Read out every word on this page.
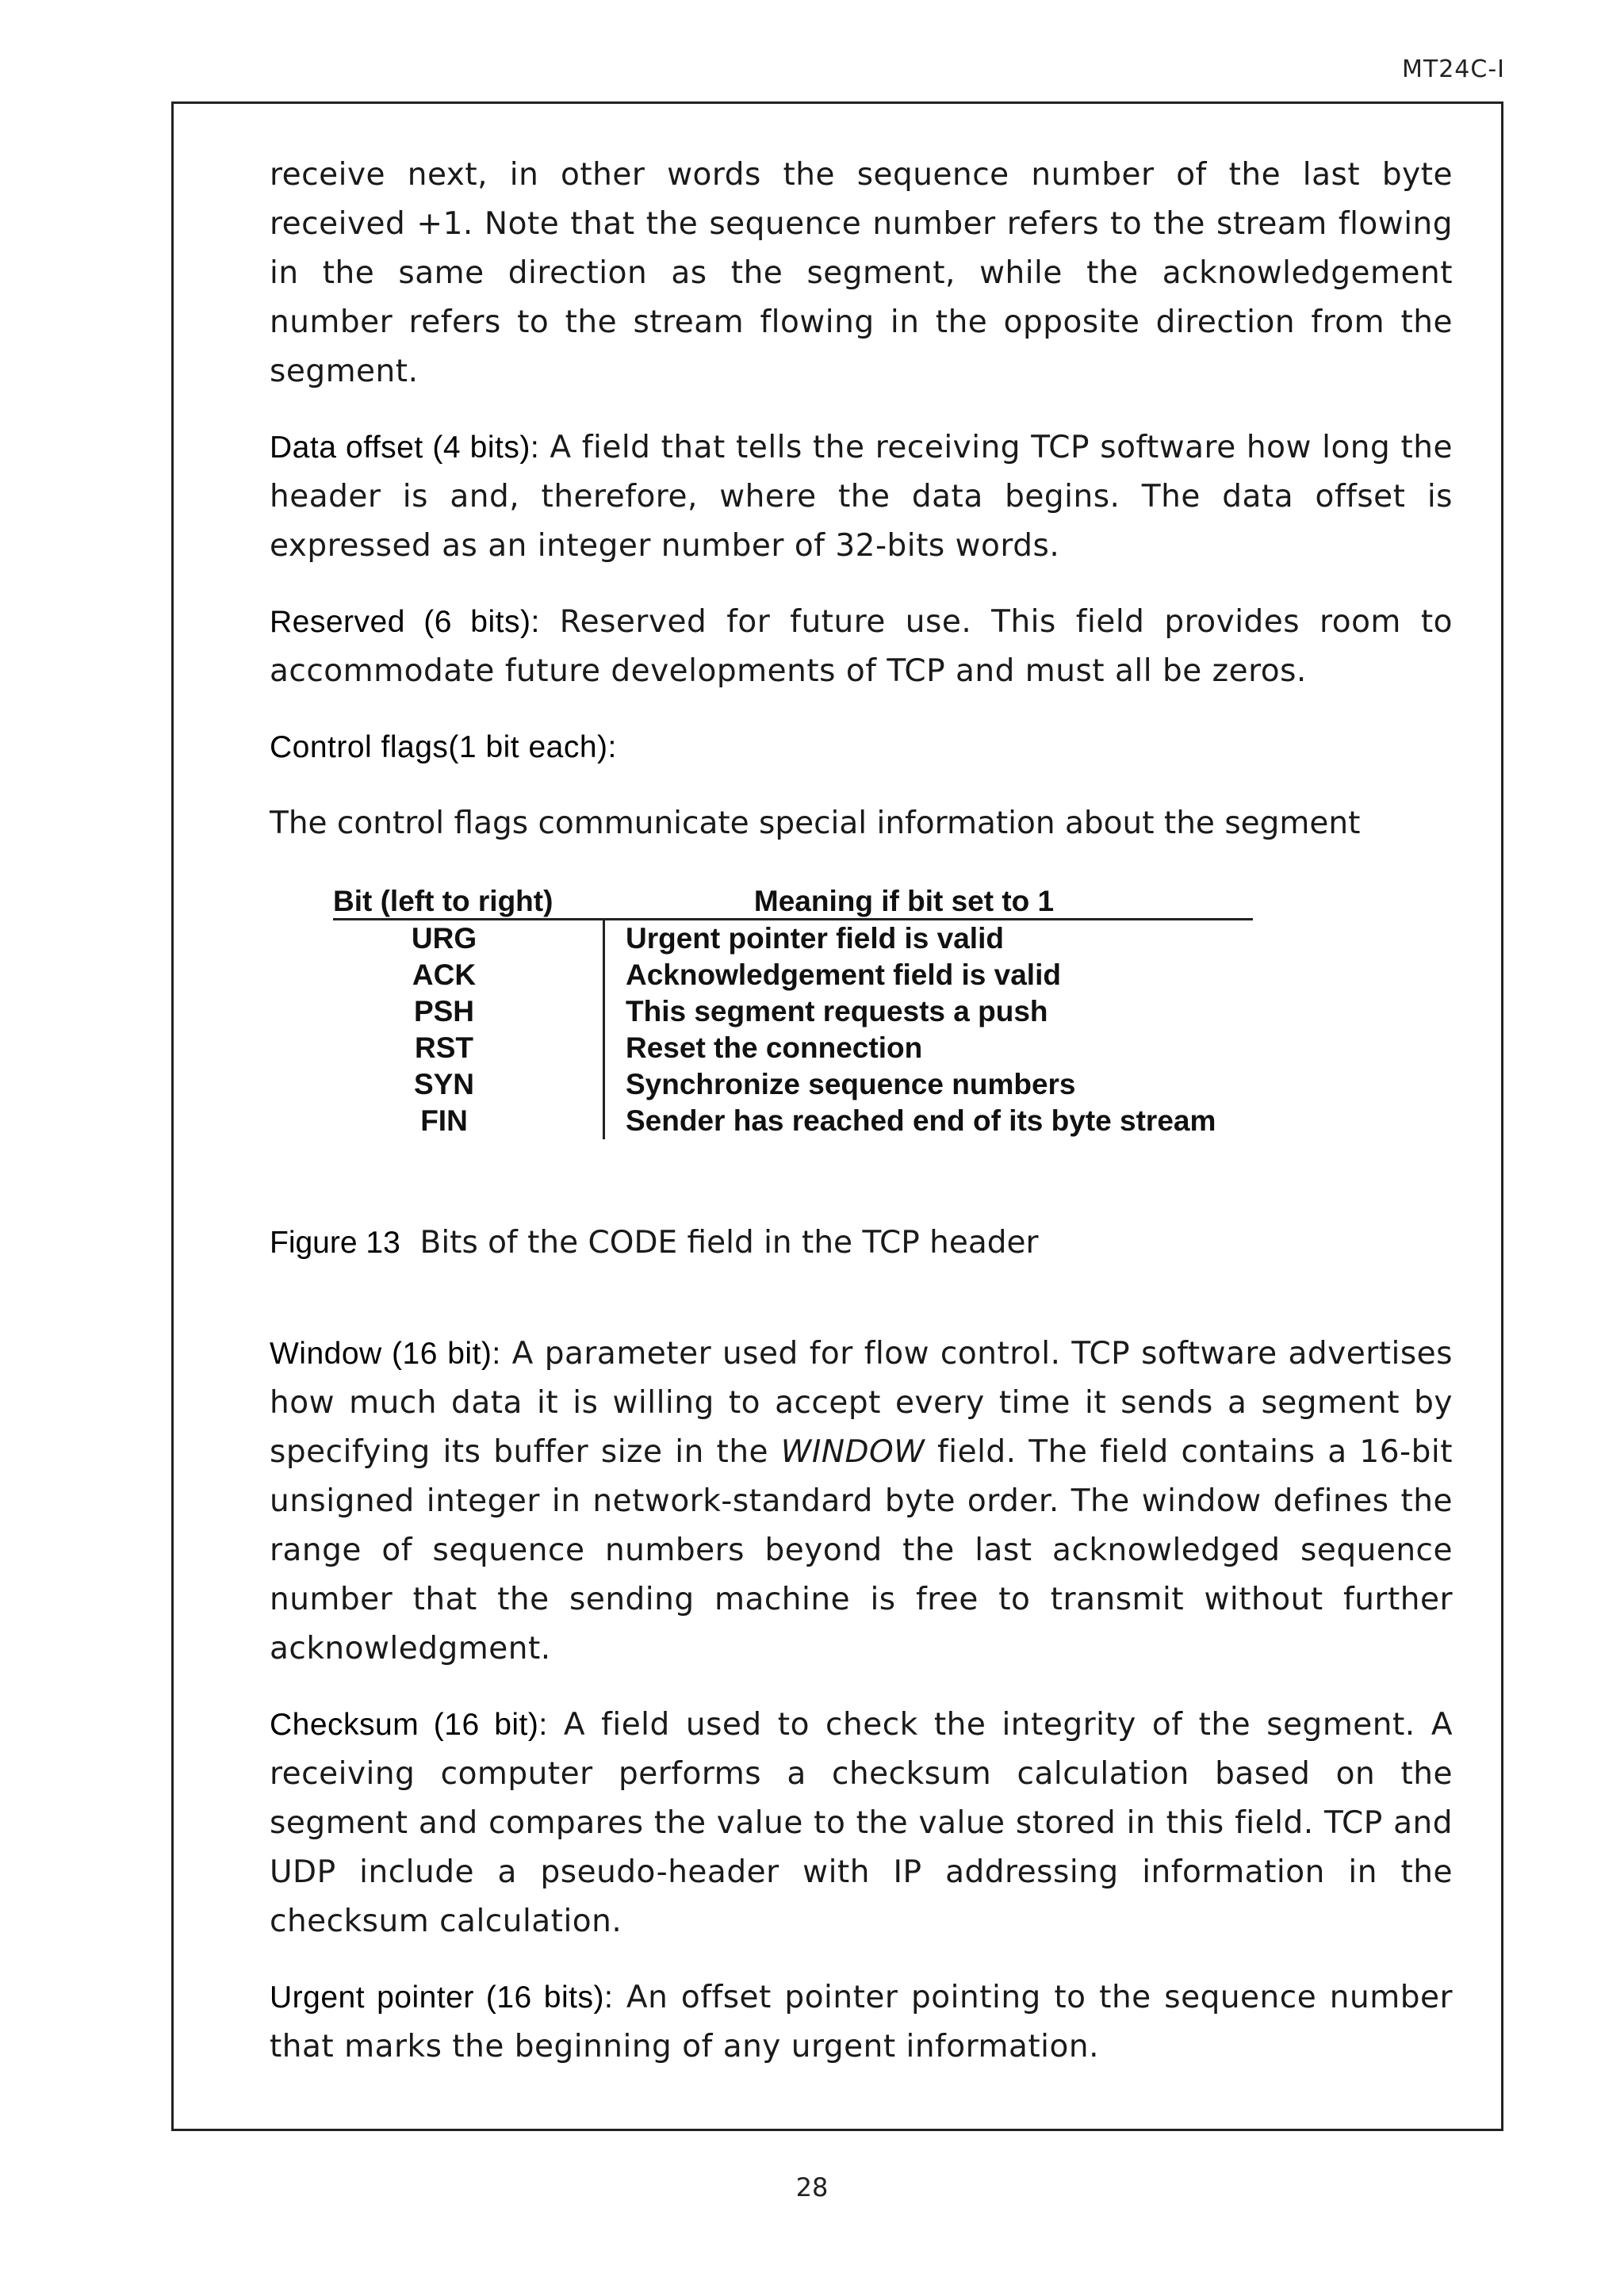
MT24C-I

receive next, in other words the sequence number of the last byte received +1. Note that the sequence number refers to the stream flowing in the same direction as the segment, while the acknowledgement number refers to the stream flowing in the opposite direction from the segment.

Data offset (4 bits): A field that tells the receiving TCP software how long the header is and, therefore, where the data begins. The data offset is expressed as an integer number of 32-bits words.

Reserved (6 bits): Reserved for future use. This field provides room to accommodate future developments of TCP and must all be zeros.

Control flags(1 bit each):

The control flags communicate special information about the segment

Bit (left to right)	Meaning if bit set to 1
URG
ACK
PSH
RST
SYN
FIN
Urgent pointer field is valid
Acknowledgement field is valid
This segment requests a push
Reset the connection
Synchronize sequence numbers
Sender has reached end of its byte stream

Figure 13  Bits of the CODE field in the TCP header

Window (16 bit): A parameter used for flow control. TCP software advertises how much data it is willing to accept every time it sends a segment by specifying its buffer size in the WINDOW field. The field contains a 16-bit unsigned integer in network-standard byte order. The window defines the range of sequence numbers beyond the last acknowledged sequence number that the sending machine is free to transmit without further acknowledgment.

Checksum (16 bit): A field used to check the integrity of the segment. A receiving computer performs a checksum calculation based on the segment and compares the value to the value stored in this field. TCP and UDP include a pseudo-header with IP addressing information in the checksum calculation.

Urgent pointer (16 bits): An offset pointer pointing to the sequence number that marks the beginning of any urgent information.

28
